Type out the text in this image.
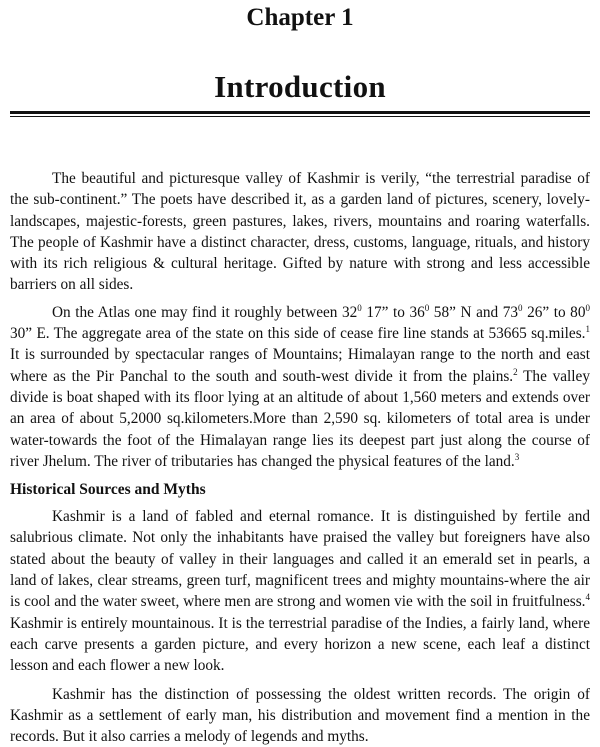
Chapter 1
Introduction

The beautiful and picturesque valley of Kashmir is verily, “the terrestrial paradise of the sub-continent.” The poets have described it, as a garden land of pictures, scenery, lovely-landscapes, majestic-forests, green pastures, lakes, rivers, mountains and roaring waterfalls. The people of Kashmir have a distinct character, dress, customs, language, rituals, and history with its rich religious & cultural heritage. Gifted by nature with strong and less accessible barriers on all sides.

On the Atlas one may find it roughly between $32^0$ 17” to $36^0$ 58” N and $73^0$ 26” to $80^0$ 30” E. The aggregate area of the state on this side of cease fire line stands at 53665 sq.miles.$^1$ It is surrounded by spectacular ranges of Mountains; Himalayan range to the north and east where as the Pir Panchal to the south and south-west divide it from the plains.$^2$ The valley divide is boat shaped with its floor lying at an altitude of about 1,560 meters and extends over an area of about 5,2000 sq.kilometers.More than 2,590 sq. kilometers of total area is under water-towards the foot of the Himalayan range lies its deepest part just along the course of river Jhelum. The river of tributaries has changed the physical features of the land.$^3$

Historical Sources and Myths

Kashmir is a land of fabled and eternal romance. It is distinguished by fertile and salubrious climate. Not only the inhabitants have praised the valley but foreigners have also stated about the beauty of valley in their languages and called it an emerald set in pearls, a land of lakes, clear streams, green turf, magnificent trees and mighty mountains-where the air is cool and the water sweet, where men are strong and women vie with the soil in fruitfulness.$^4$ Kashmir is entirely mountainous. It is the terrestrial paradise of the Indies, a fairly land, where each carve presents a garden picture, and every horizon a new scene, each leaf a distinct lesson and each flower a new look.

Kashmir has the distinction of possessing the oldest written records. The origin of Kashmir as a settlement of early man, his distribution and movement find a mention in the records. But it also carries a melody of legends and myths.
